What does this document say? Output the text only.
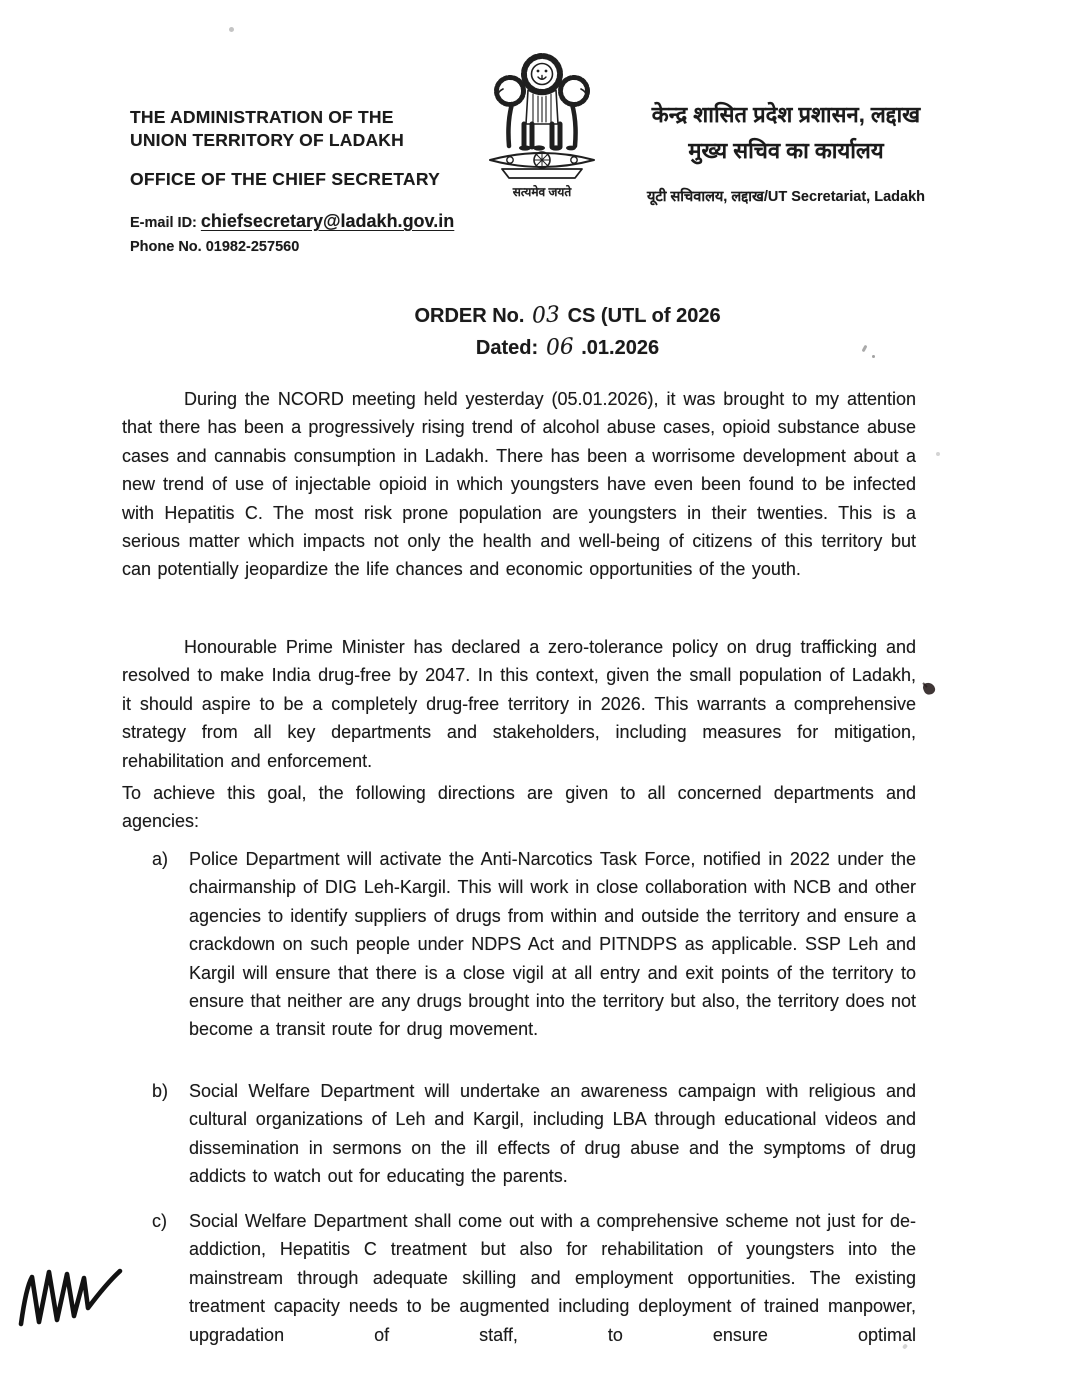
THE ADMINISTRATION OF THE
UNION TERRITORY OF LADAKH
OFFICE OF THE CHIEF SECRETARY
E-mail ID: chiefsecretary@ladakh.gov.in
Phone No. 01982-257560
सत्यमेव जयते
केन्द्र शासित प्रदेश प्रशासन, लद्दाख
मुख्य सचिव का कार्यालय
यूटी सचिवालय, लद्दाख/UT Secretariat, Ladakh
ORDER No. 03 CS (UTL of 2026
Dated: 06 .01.2026
During the NCORD meeting held yesterday (05.01.2026), it was brought to my attention that there has been a progressively rising trend of alcohol abuse cases, opioid substance abuse cases and cannabis consumption in Ladakh. There has been a worrisome development about a new trend of use of injectable opioid in which youngsters have even been found to be infected with Hepatitis C. The most risk prone population are youngsters in their twenties. This is a serious matter which impacts not only the health and well-being of citizens of this territory but can potentially jeopardize the life chances and economic opportunities of the youth.
Honourable Prime Minister has declared a zero-tolerance policy on drug trafficking and resolved to make India drug-free by 2047. In this context, given the small population of Ladakh, it should aspire to be a completely drug-free territory in 2026. This warrants a comprehensive strategy from all key departments and stakeholders, including measures for mitigation, rehabilitation and enforcement.
To achieve this goal, the following directions are given to all concerned departments and agencies:
a)	Police Department will activate the Anti-Narcotics Task Force, notified in 2022 under the chairmanship of DIG Leh-Kargil. This will work in close collaboration with NCB and other agencies to identify suppliers of drugs from within and outside the territory and ensure a crackdown on such people under NDPS Act and PITNDPS as applicable. SSP Leh and Kargil will ensure that there is a close vigil at all entry and exit points of the territory to ensure that neither are any drugs brought into the territory but also, the territory does not become a transit route for drug movement.
b)	Social Welfare Department will undertake an awareness campaign with religious and cultural organizations of Leh and Kargil, including LBA through educational videos and dissemination in sermons on the ill effects of drug abuse and the symptoms of drug addicts to watch out for educating the parents.
c)	Social Welfare Department shall come out with a comprehensive scheme not just for de-addiction, Hepatitis C treatment but also for rehabilitation of youngsters into the mainstream through adequate skilling and employment opportunities. The existing treatment capacity needs to be augmented including deployment of trained manpower, upgradation of staff, to ensure optimal
